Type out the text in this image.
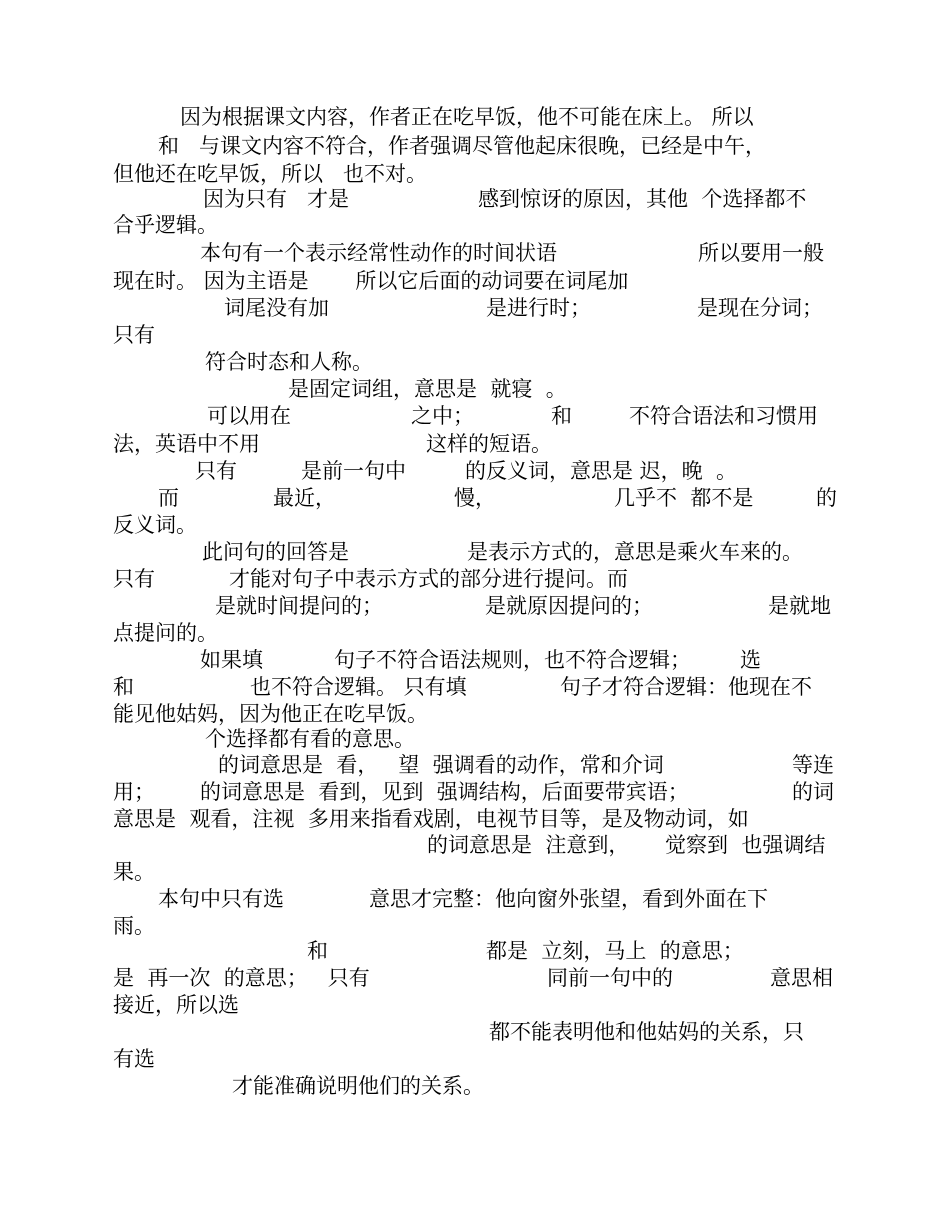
因为根据课文内容，作者正在吃早饭，他不可能在床上。 所以

和   与课文内容不符合，作者强调尽管他起床很晚，已经是中午，

但他还在吃早饭，所以   也不对。

因为只有   才是	感到惊讶的原因，其他  个选择都不

合乎逻辑。

本句有一个表示经常性动作的时间状语	所以要用一般

现在时。 因为主语是       所以它后面的动词要在词尾加

词尾没有加	是进行时；	是现在分词；

只有

符合时态和人称。

是固定词组，意思是  就寝  。

可以用在	之中；	和	不符合语法和习惯用

法，英语中不用	这样的短语。

只有	是前一句中	的反义词，意思是 迟，晚  。

而	最近，	慢，	几乎不  都不是	的

反义词。

此问句的回答是	是表示方式的，意思是乘火车来的。

只有	才能对句子中表示方式的部分进行提问。而

是就时间提问的；	是就原因提问的；	是就地

点提问的。

如果填	句子不符合语法规则，也不符合逻辑； 选

和	也不符合逻辑。 只有填	句子才符合逻辑：他现在不

能见他姑妈，因为他正在吃早饭。

个选择都有看的意思。

的词意思是  看，   望  强调看的动作，常和介词	等连

用； 的词意思是  看到，见到  强调结构，后面要带宾语；	的词

意思是  观看，注视  多用来指看戏剧，电视节目等，是及物动词，如

的词意思是  注意到， 觉察到  也强调结

果。

本句中只有选	意思才完整：他向窗外张望，看到外面在下

雨。

和	都是  立刻，马上  的意思；

是  再一次  的意思；   只有	同前一句中的	意思相

接近，所以选

都不能表明他和他姑妈的关系，只

有选

才能准确说明他们的关系。
